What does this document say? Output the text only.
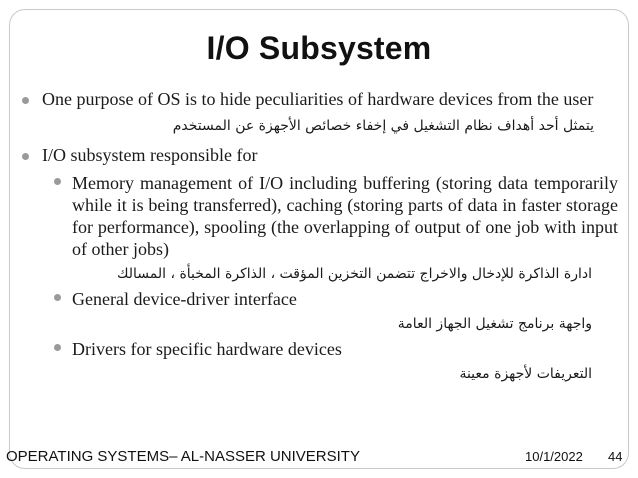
I/O Subsystem
One purpose of OS is to hide peculiarities of hardware devices from the user
يتمثل أحد أهداف نظام التشغيل في إخفاء خصائص الأجهزة عن المستخدم
I/O subsystem responsible for
Memory management of I/O including buffering (storing data temporarily while it is being transferred), caching (storing parts of data in faster storage for performance), spooling (the overlapping of output of one job with input of other jobs)
ادارة الذاكرة للإدخال والاخراج تتضمن التخزين المؤقت ، الذاكرة المخبأة ، المسالك
General device-driver interface
واجهة برنامج تشغيل الجهاز العامة
Drivers for specific hardware devices
التعريفات لأجهزة معينة
OPERATING SYSTEMS– AL-NASSER UNIVERSITY	10/1/2022 44
